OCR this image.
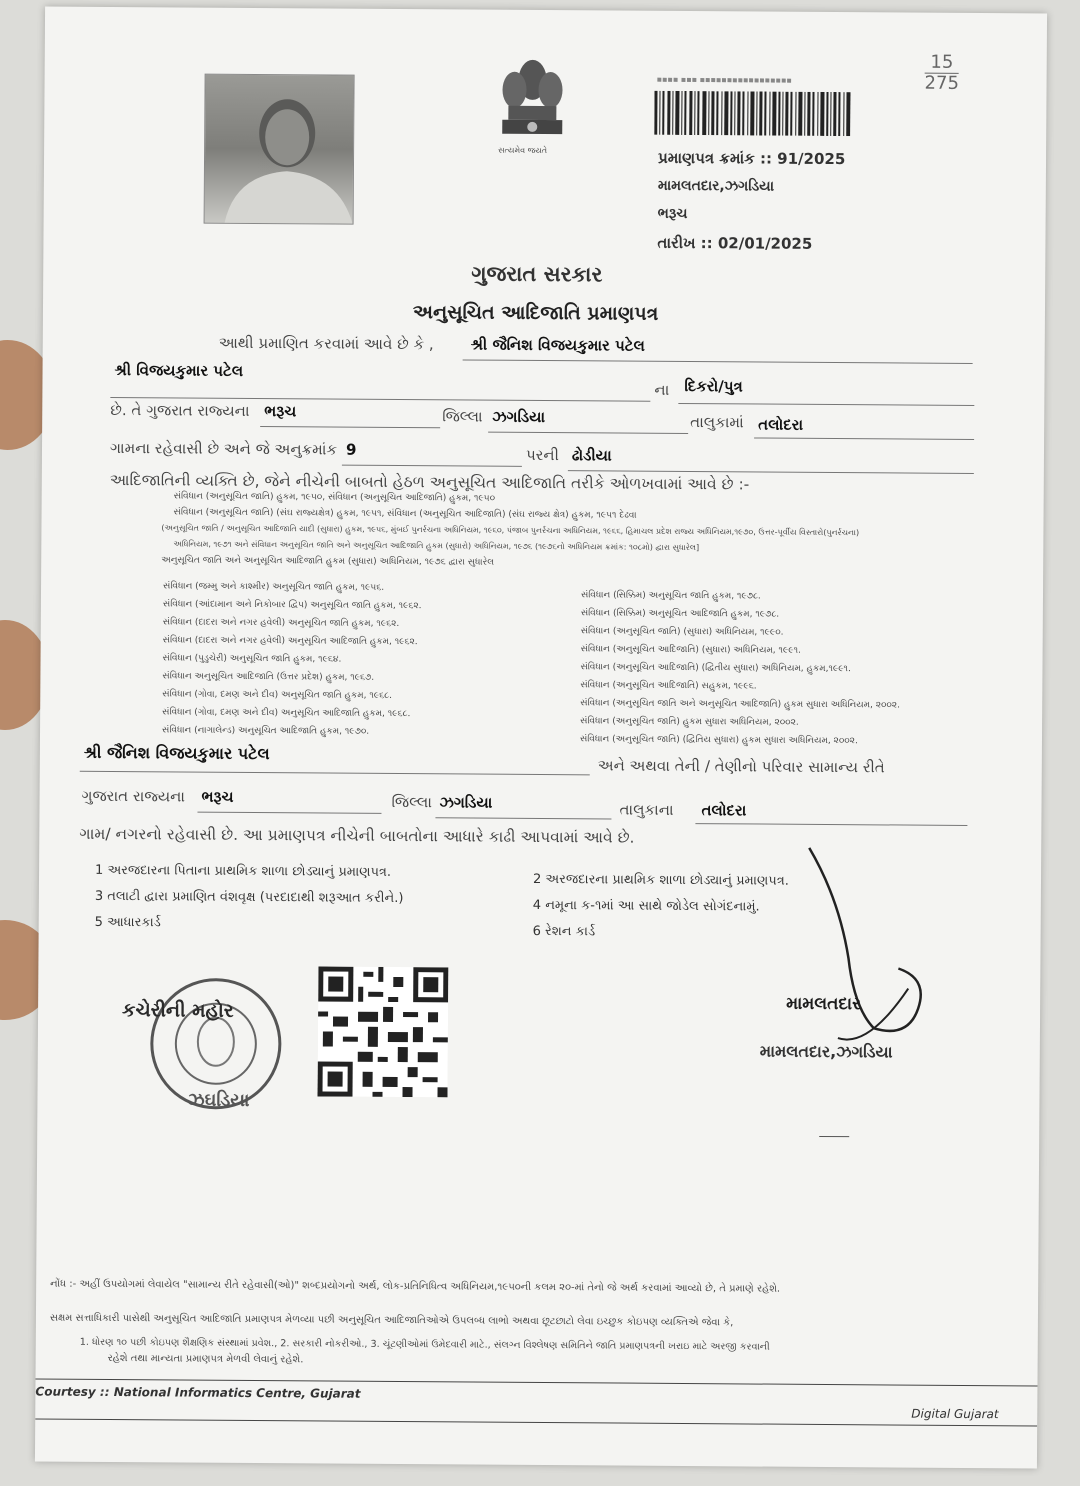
15
275
સત્યમેવ જયતે
▪▪▪▪ ▪▪▪ ▪▪▪▪▪▪▪▪▪▪▪▪▪▪▪▪▪
પ્રમાણપત્ર ક્રમાંક :: 91/2025
મામલતદાર,ઝગડિયા
ભરૂચ
તારીખ :: 02/01/2025
ગુજરાત સરકાર
અનુસૂચિત આદિજાતિ પ્રમાણપત્ર
આથી પ્રમાણિત કરવામાં આવે છે કે , શ્રી જૈનિશ વિજયકુમાર પટેલ
શ્રી વિજયકુમાર પટેલ
ના દિકરો/પુત્ર
છે. તે ગુજરાત રાજ્યના ભરૂચ	જિલ્લા ઝગડિયા	તાલુકામાં તલોદરા
ગામના રહેવાસી છે અને જે અનુક્રમાંક 9	પરની ઢોડીયા
આદિજાતિની વ્યક્તિ છે, જેને નીચેની બાબતો હેઠળ અનુસૂચિત આદિજાતિ તરીકે ઓળખવામાં આવે છે :-
સંવિધાન (અનુસૂચિત જાતિ) હુકમ, ૧૯૫૦, સંવિધાન (અનુસૂચિત આદિજાતિ) હુકમ, ૧૯૫૦
સંવિધાન (અનુસૂચિત જાતિ) (સંઘ રાજ્યક્ષેત્ર) હુકમ, ૧૯૫૧, સંવિધાન (અનુસૂચિત આદિજાતિ) (સંઘ રાજ્ય ક્ષેત્ર) હુકમ, ૧૯૫૧ દેઢવા
(અનુસૂચિત જાતિ / અનુસૂચિત આદિજાતિ યાદી (સુધારા) હુકમ, ૧૯૫૬, મુંબઈ પુનર્રચના અધિનિયમ, ૧૯૬૦, પંજાબ પુનર્રચના અધિનિયમ, ૧૯૬૬, હિમાચલ પ્રદેશ રાજ્ય અધિનિયમ,૧૯૭૦, ઉત્તર-પૂર્વીય વિસ્તારો(પુનર્રચના)
અધિનિયમ, ૧૯૭૧ અને સંવિધાન અનુસૂચિત જાતિ અને અનુસૂચિત આદિજાતિ હુકમ (સુધારો) અધિનિયમ, ૧૯૭૬ (૧૯૭૬નો અધિનિયમ ક્રમાંક: ૧૦૮મો) દ્વારા સુધારેલ]
અનુસૂચિત જાતિ અને અનુસૂચિત આદિજાતિ હુકમ (સુધારા) અધિનિયમ, ૧૯૭૬ દ્વારા સુધારેલ
સંવિધાન (જમ્મુ અને કાશ્મીર) અનુસૂચિત જાતિ હુકમ, ૧૯૫૬.
સંવિધાન (આંદામાન અને નિકોબાર દ્વિપ) અનુસૂચિત જાતિ હુકમ, ૧૯૬૨.
સંવિધાન (દાદરા અને નગર હવેલી) અનુસૂચિત જાતિ હુકમ, ૧૯૬૨.
સંવિધાન (દાદરા અને નગર હવેલી) અનુસૂચિત આદિજાતિ હુકમ, ૧૯૬૨.
સંવિધાન (પુડુચેરી) અનુસૂચિત જાતિ હુકમ, ૧૯૬૪.
સંવિધાન અનુસૂચિત આદિજાતિ (ઉત્તર પ્રદેશ) હુકમ, ૧૯૬૭.
સંવિધાન (ગોવા, દમણ અને દીવ) અનુસૂચિત જાતિ હુકમ, ૧૯૬૮.
સંવિધાન (ગોવા, દમણ અને દીવ) અનુસૂચિત આદિજાતિ હુકમ, ૧૯૬૮.
સંવિધાન (નાગાલેન્ડ) અનુસૂચિત આદિજાતિ હુકમ, ૧૯૭૦.
સંવિધાન (સિક્કિમ) અનુસૂચિત જાતિ હુકમ, ૧૯૭૮.
સંવિધાન (સિક્કિમ) અનુસૂચિત આદિજાતિ હુકમ, ૧૯૭૮.
સંવિધાન (અનુસૂચિત જાતિ) (સુધારા) અધિનિયમ, ૧૯૯૦.
સંવિધાન (અનુસૂચિત આદિજાતિ) (સુધારા) અધિનિયમ, ૧૯૯૧.
સંવિધાન (અનુસૂચિત આદિજાતિ) (દ્વિતીય સુધારા) અધિનિયમ, હુકમ,૧૯૯૧.
સંવિધાન (અનુસૂચિત આદિજાતિ) સહુકમ, ૧૯૯૬.
સંવિધાન (અનુસૂચિત જાતિ અને અનુસૂચિત આદિજાતિ) હુકમ સુધારા અધિનિયમ, ૨૦૦૨.
સંવિધાન (અનુસૂચિત જાતિ) હુકમ સુધારા અધિનિયમ, ૨૦૦૨.
સંવિધાન (અનુસૂચિત જાતિ) (દ્વિતિય સુધારા) હુકમ સુધારા અધિનિયમ, ૨૦૦૨.
શ્રી જૈનિશ વિજયકુમાર પટેલ
અને અથવા તેની / તેણીનો પરિવાર સામાન્ય રીતે
ગુજરાત રાજ્યના ભરૂચ	જિલ્લા ઝગડિયા	તાલુકાના તલોદરા
ગામ/ નગરનો રહેવાસી છે. આ પ્રમાણપત્ર નીચેની બાબતોના આધારે કાઢી આપવામાં આવે છે.
1 અરજદારના પિતાના પ્રાથમિક શાળા છોડ્યાનું પ્રમાણપત્ર.
2 અરજદારના પ્રાથમિક શાળા છોડ્યાનું પ્રમાણપત્ર.
3 તલાટી દ્વારા પ્રમાણિત વંશવૃક્ષ (પરદાદાથી શરૂઆત કરીને.)
4 નમૂના ક-૧માં આ સાથે જોડેલ સોગંદનામું.
5 આધારકાર્ડ
6 રેશન કાર્ડ
કચેરીની મહોર
ઝઘડિયા
મામલતદાર
મામલતદાર,ઝગડિયા
નોંધ :- અહીં ઉપયોગમાં લેવાયેલ "સામાન્ય રીતે રહેવાસી(ઓ)" શબ્દપ્રયોગનો અર્થ, લોક-પ્રતિનિધિત્વ અધિનિયમ,૧૯૫૦ની કલમ ૨૦-માં તેનો જે અર્થ કરવામાં આવ્યો છે, તે પ્રમાણે રહેશે.
સક્ષમ સત્તાધિકારી પાસેથી અનુસૂચિત આદિજાતિ પ્રમાણપત્ર મેળવ્યા પછી અનુસૂચિત આદિજાતિઓએ ઉપલબ્ધ લાભો અથવા છૂટછાટો લેવા ઇચ્છુક કોઇપણ વ્યક્તિએ જેવા કે,
1. ધોરણ ૧૦ પછી કોઇપણ શૈક્ષણિક સંસ્થામાં પ્રવેશ., 2. સરકારી નોકરીઓ., 3. ચૂંટણીઓમાં ઉમેદવારી માટે., સંલગ્ન વિશ્લેષણ સમિતિને જાતિ પ્રમાણપત્રની ખરાઇ માટે અરજી કરવાની
રહેશે તથા માન્યતા પ્રમાણપત્ર મેળવી લેવાનું રહેશે.
Courtesy :: National Informatics Centre, Gujarat
Digital Gujarat
